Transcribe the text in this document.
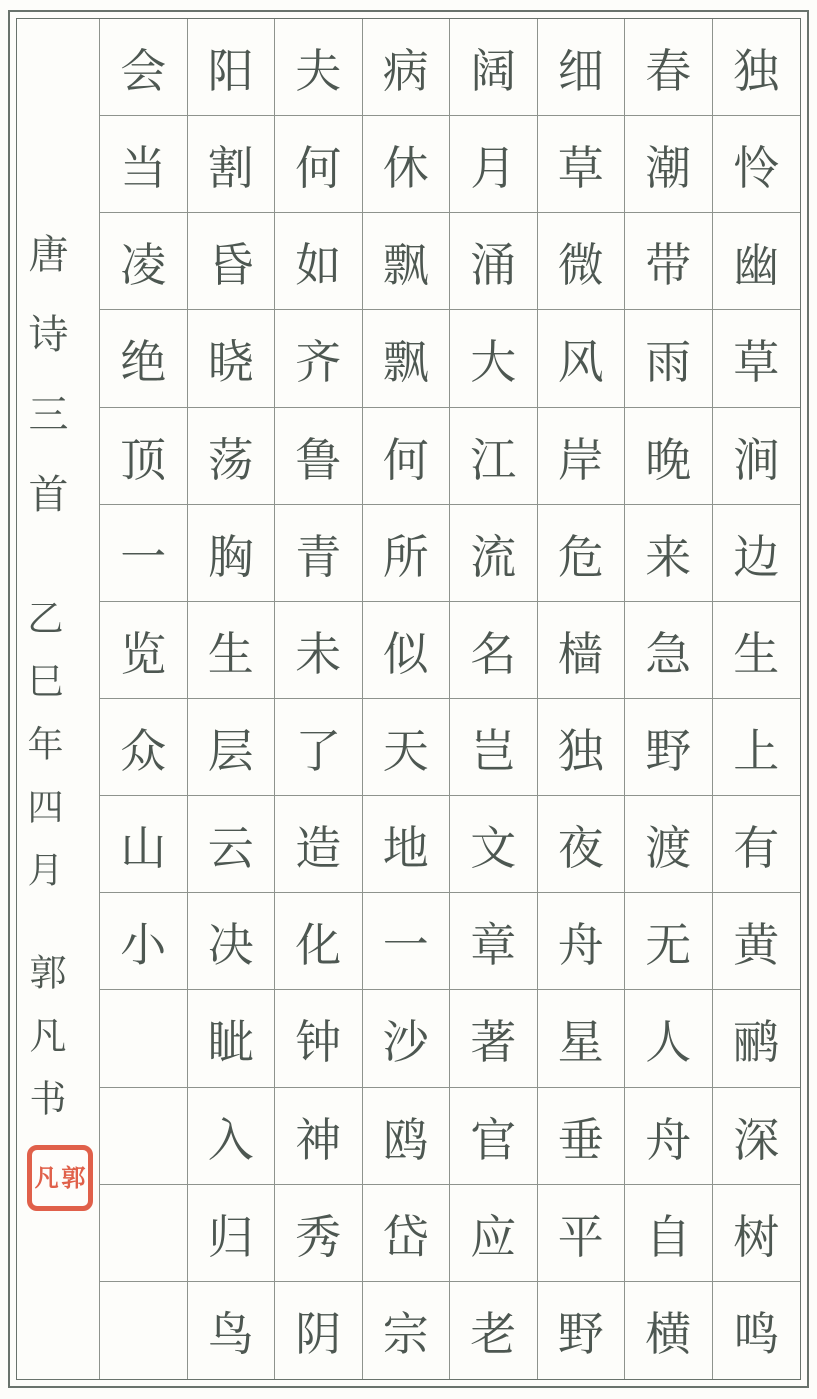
唐诗三首
乙巳年四月
郭凡书
凡 郭
会
当
凌
绝
顶
一
览
众
山
小
阳
割
昏
晓
荡
胸
生
层
云
决
眦
入
归
鸟
夫
何
如
齐
鲁
青
未
了
造
化
钟
神
秀
阴
病
休
飘
飘
何
所
似
天
地
一
沙
鸥
岱
宗
阔
月
涌
大
江
流
名
岂
文
章
著
官
应
老
细
草
微
风
岸
危
樯
独
夜
舟
星
垂
平
野
春
潮
带
雨
晚
来
急
野
渡
无
人
舟
自
横
独
怜
幽
草
涧
边
生
上
有
黄
鹂
深
树
鸣
